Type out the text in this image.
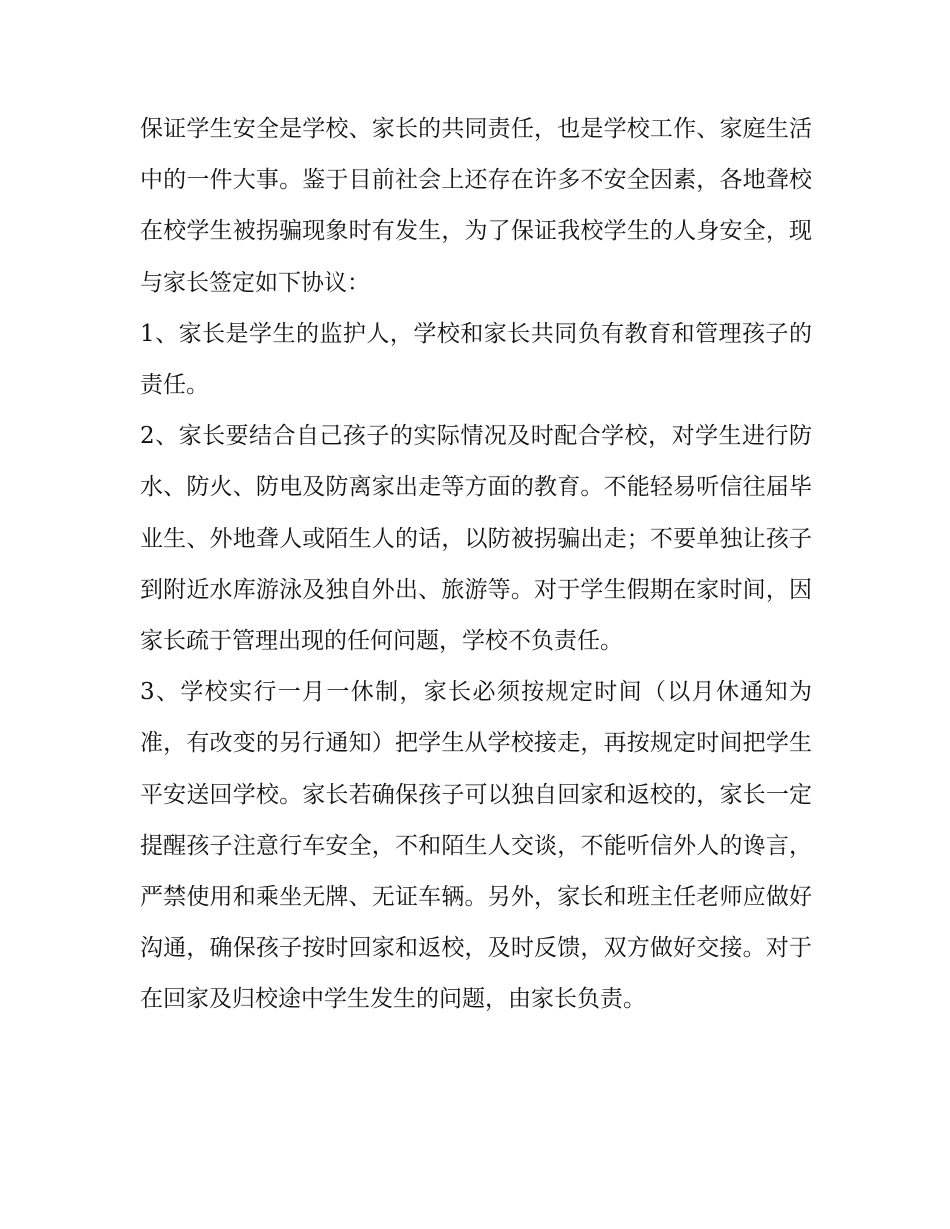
保证学生安全是学校、家长的共同责任，也是学校工作、家庭生活中的一件大事。鉴于目前社会上还存在许多不安全因素，各地聋校在校学生被拐骗现象时有发生，为了保证我校学生的人身安全，现与家长签定如下协议：

1、家长是学生的监护人，学校和家长共同负有教育和管理孩子的责任。

2、家长要结合自己孩子的实际情况及时配合学校，对学生进行防水、防火、防电及防离家出走等方面的教育。不能轻易听信往届毕业生、外地聋人或陌生人的话，以防被拐骗出走；不要单独让孩子到附近水库游泳及独自外出、旅游等。对于学生假期在家时间，因家长疏于管理出现的任何问题，学校不负责任。

3、学校实行一月一休制，家长必须按规定时间（以月休通知为准，有改变的另行通知）把学生从学校接走，再按规定时间把学生平安送回学校。家长若确保孩子可以独自回家和返校的，家长一定提醒孩子注意行车安全，不和陌生人交谈，不能听信外人的谗言，严禁使用和乘坐无牌、无证车辆。另外，家长和班主任老师应做好沟通，确保孩子按时回家和返校，及时反馈，双方做好交接。对于在回家及归校途中学生发生的问题，由家长负责。
